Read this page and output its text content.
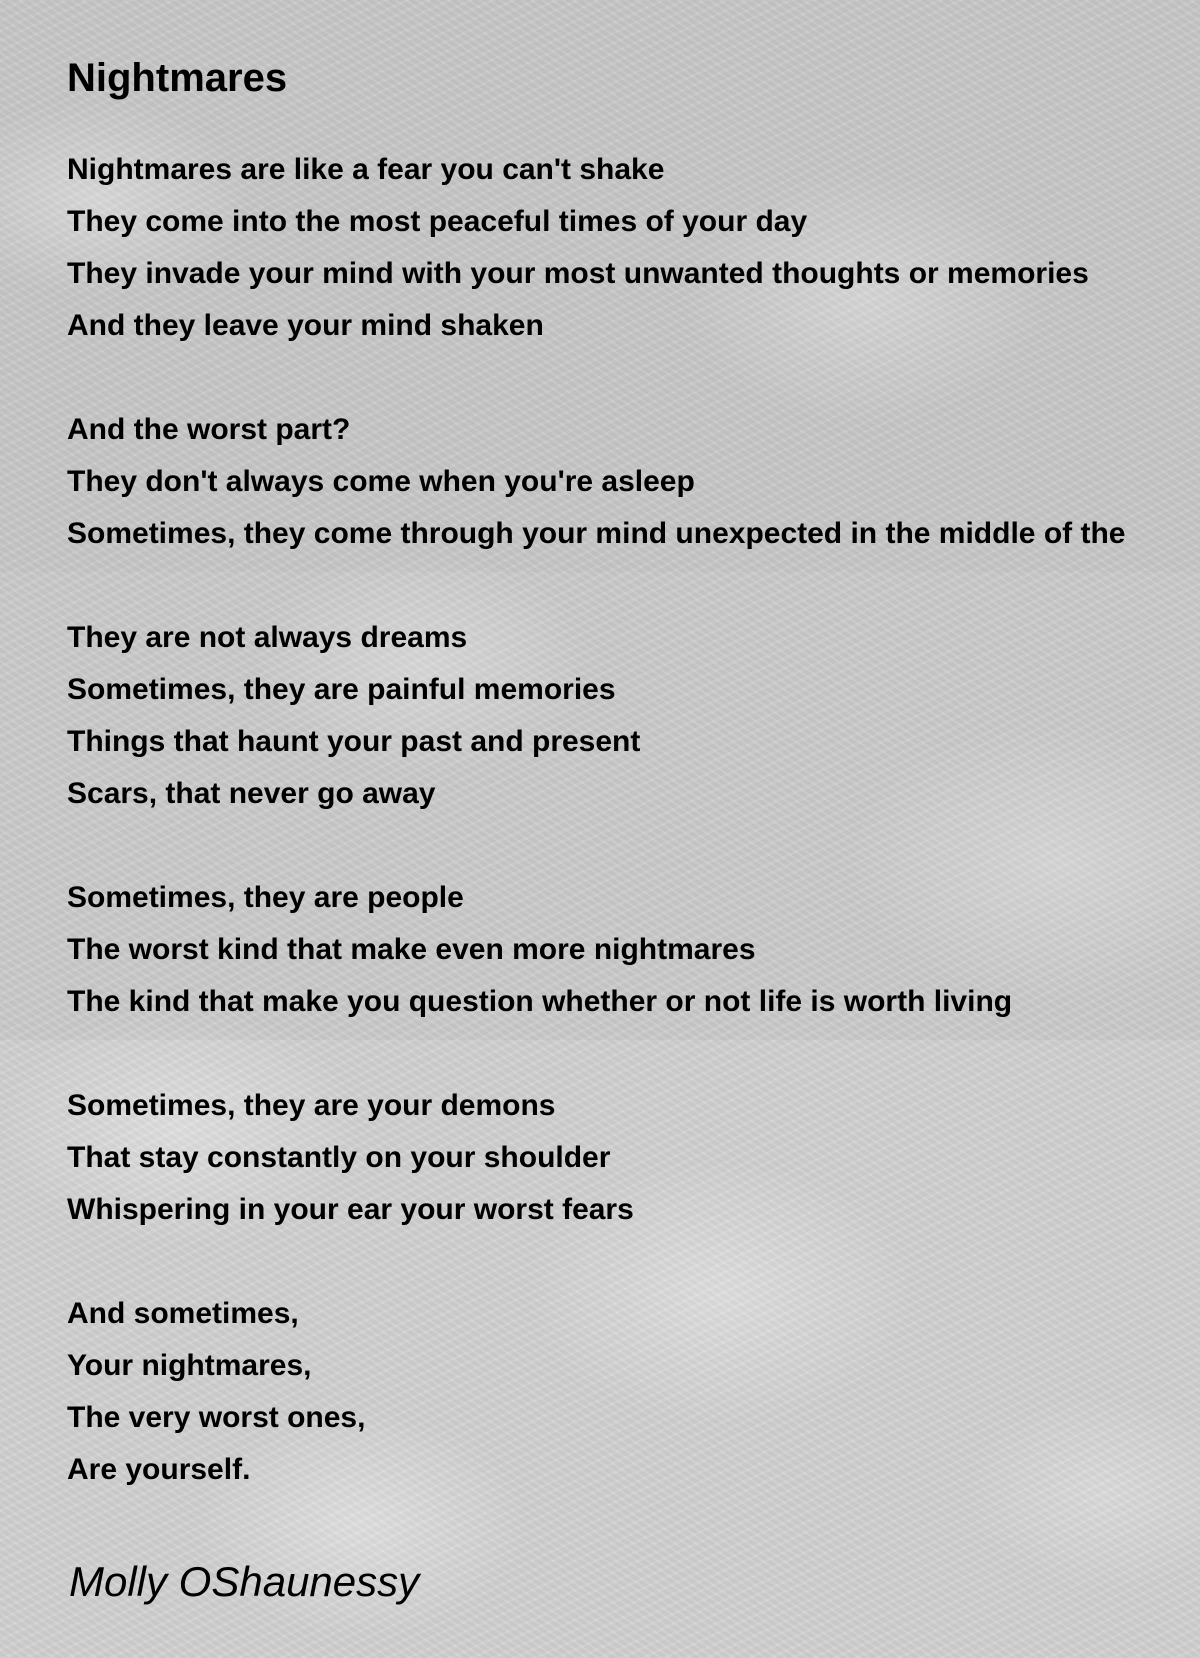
Nightmares

Nightmares are like a fear you can't shake
They come into the most peaceful times of your day
They invade your mind with your most unwanted thoughts or memories
And they leave your mind shaken

And the worst part?
They don't always come when you're asleep
Sometimes, they come through your mind unexpected in the middle of the

They are not always dreams
Sometimes, they are painful memories
Things that haunt your past and present
Scars, that never go away

Sometimes, they are people
The worst kind that make even more nightmares
The kind that make you question whether or not life is worth living

Sometimes, they are your demons
That stay constantly on your shoulder
Whispering in your ear your worst fears

And sometimes,
Your nightmares,
The very worst ones,
Are yourself.

Molly OShaunessy
